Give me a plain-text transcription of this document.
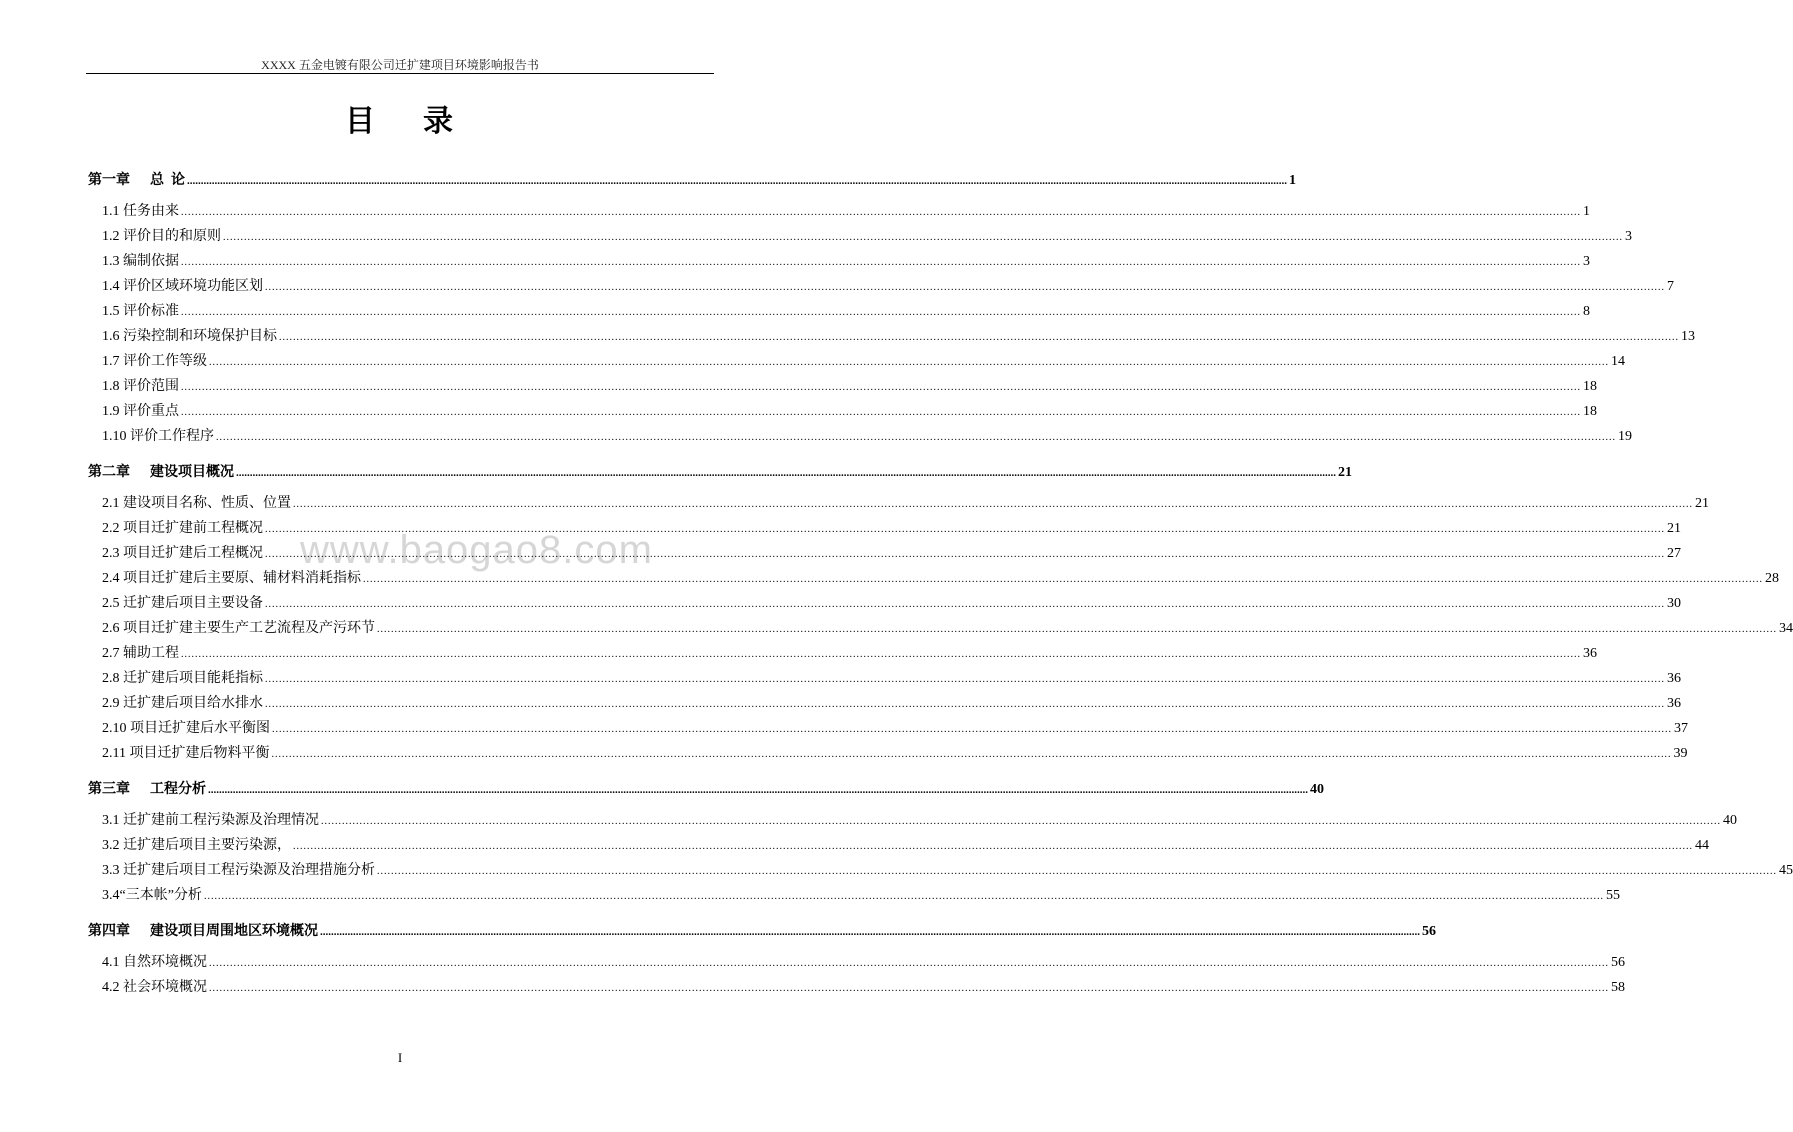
XXXX 五金电镀有限公司迁扩建项目环境影响报告书
目 录
www.baogao8.com
第一章 总  论 ................................................................................................................................................................................................................................................................................................................................................................................................................ 1
1.1 任务由来 ................................................................................................................................................................................................................................................................................................................................................................................................................ 1
1.2 评价目的和原则 ................................................................................................................................................................................................................................................................................................................................................................................................................ 3
1.3 编制依据 ................................................................................................................................................................................................................................................................................................................................................................................................................ 3
1.4 评价区域环境功能区划 ................................................................................................................................................................................................................................................................................................................................................................................................................ 7
1.5 评价标准 ................................................................................................................................................................................................................................................................................................................................................................................................................ 8
1.6 污染控制和环境保护目标 ................................................................................................................................................................................................................................................................................................................................................................................................................ 13
1.7 评价工作等级 ................................................................................................................................................................................................................................................................................................................................................................................................................ 14
1.8 评价范围 ................................................................................................................................................................................................................................................................................................................................................................................................................ 18
1.9 评价重点 ................................................................................................................................................................................................................................................................................................................................................................................................................ 18
1.10 评价工作程序 ................................................................................................................................................................................................................................................................................................................................................................................................................ 19
第二章 建设项目概况 ................................................................................................................................................................................................................................................................................................................................................................................................................ 21
2.1 建设项目名称、性质、位置 ................................................................................................................................................................................................................................................................................................................................................................................................................ 21
2.2 项目迁扩建前工程概况 ................................................................................................................................................................................................................................................................................................................................................................................................................ 21
2.3 项目迁扩建后工程概况 ................................................................................................................................................................................................................................................................................................................................................................................................................ 27
2.4 项目迁扩建后主要原、辅材料消耗指标 ................................................................................................................................................................................................................................................................................................................................................................................................................ 28
2.5 迁扩建后项目主要设备 ................................................................................................................................................................................................................................................................................................................................................................................................................ 30
2.6 项目迁扩建主要生产工艺流程及产污环节 ................................................................................................................................................................................................................................................................................................................................................................................................................ 34
2.7 辅助工程 ................................................................................................................................................................................................................................................................................................................................................................................................................ 36
2.8 迁扩建后项目能耗指标 ................................................................................................................................................................................................................................................................................................................................................................................................................ 36
2.9 迁扩建后项目给水排水 ................................................................................................................................................................................................................................................................................................................................................................................................................ 36
2.10 项目迁扩建后水平衡图 ................................................................................................................................................................................................................................................................................................................................................................................................................ 37
2.11 项目迁扩建后物料平衡 ................................................................................................................................................................................................................................................................................................................................................................................................................ 39
第三章 工程分析 ................................................................................................................................................................................................................................................................................................................................................................................................................ 40
3.1 迁扩建前工程污染源及治理情况 ................................................................................................................................................................................................................................................................................................................................................................................................................ 40
3.2 迁扩建后项目主要污染源， ................................................................................................................................................................................................................................................................................................................................................................................................................ 44
3.3 迁扩建后项目工程污染源及治理措施分析 ................................................................................................................................................................................................................................................................................................................................................................................................................ 45
3.4“三本帐”分析 ................................................................................................................................................................................................................................................................................................................................................................................................................ 55
第四章 建设项目周围地区环境概况 ................................................................................................................................................................................................................................................................................................................................................................................................................ 56
4.1 自然环境概况 ................................................................................................................................................................................................................................................................................................................................................................................................................ 56
4.2 社会环境概况 ................................................................................................................................................................................................................................................................................................................................................................................................................ 58
I
